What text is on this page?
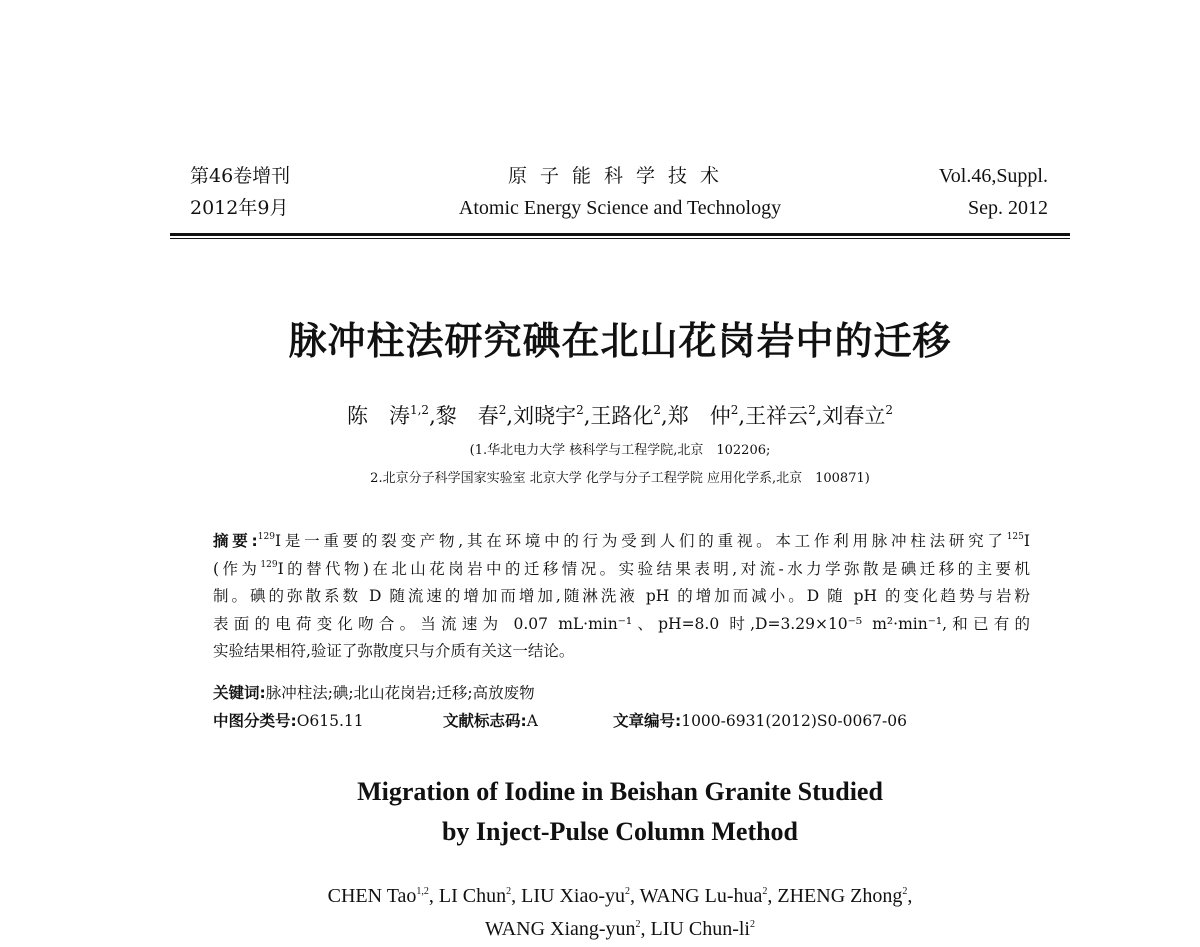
第46卷增刊
2012年9月
原子能科学技术
Atomic Energy Science and Technology
Vol.46,Suppl.
Sep. 2012
脉冲柱法研究碘在北山花岗岩中的迁移
陈　涛$^{1,2}$,黎　春$^2$,刘晓宇$^2$,王路化$^2$,郑　仲$^2$,王祥云$^2$,刘春立$^2$
(1.华北电力大学 核科学与工程学院,北京　102206;
2.北京分子科学国家实验室 北京大学 化学与分子工程学院 应用化学系,北京　100871)
摘要:$^{129}$I是一重要的裂变产物,其在环境中的行为受到人们的重视。本工作利用脉冲柱法研究了$^{125}$I
(作为$^{129}$I的替代物)在北山花岗岩中的迁移情况。实验结果表明,对流-水力学弥散是碘迁移的主要机
制。碘的弥散系数 D 随流速的增加而增加,随淋洗液 pH 的增加而减小。D 随 pH 的变化趋势与岩粉
表面的电荷变化吻合。当流速为 0.07 mL·min⁻¹、pH=8.0 时,D=3.29×10⁻⁵ m²·min⁻¹,和已有的
实验结果相符,验证了弥散度只与介质有关这一结论。
关键词:脉冲柱法;碘;北山花岗岩;迁移;高放废物
中图分类号:O615.11	文献标志码:A	文章编号:1000-6931(2012)S0-0067-06
Migration of Iodine in Beishan Granite Studied
by Inject-Pulse Column Method
CHEN Tao$^{1,2}$, LI Chun$^2$, LIU Xiao-$yu^2$, WANG Lu-hua$^2$, ZHENG Zhong$^2$,
WANG Xiang-yun$^2$, LIU Chun-$li^2$
